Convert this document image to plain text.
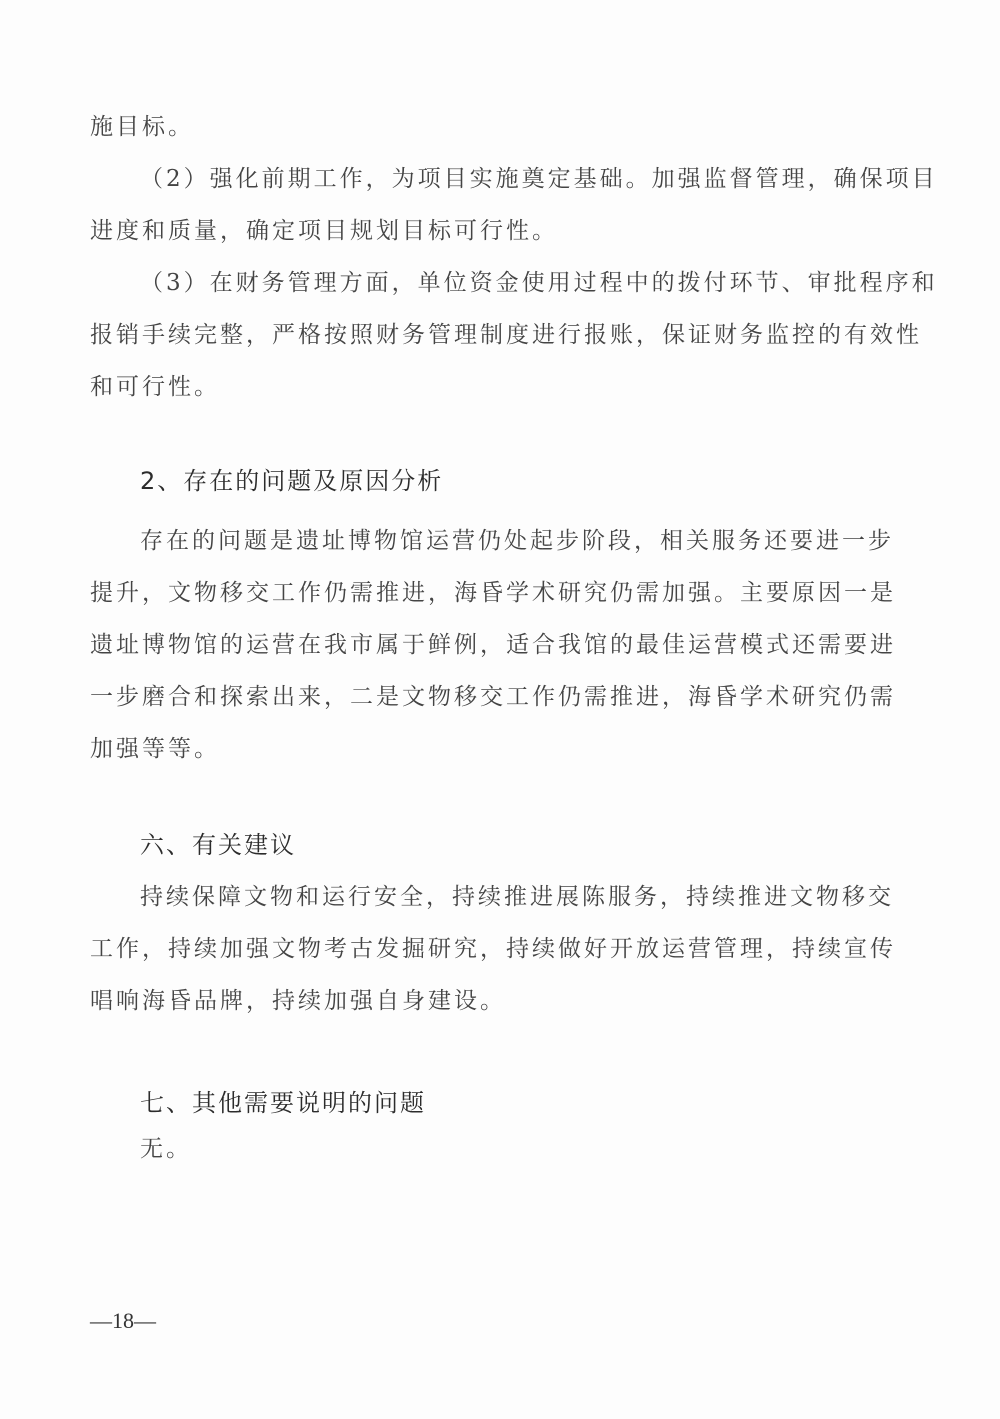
施目标。
（2）强化前期工作，为项目实施奠定基础。加强监督管理，确保项目
进度和质量，确定项目规划目标可行性。
（3）在财务管理方面，单位资金使用过程中的拨付环节、审批程序和
报销手续完整，严格按照财务管理制度进行报账，保证财务监控的有效性
和可行性。
2、存在的问题及原因分析
存在的问题是遗址博物馆运营仍处起步阶段，相关服务还要进一步
提升，文物移交工作仍需推进，海昏学术研究仍需加强。主要原因一是
遗址博物馆的运营在我市属于鲜例，适合我馆的最佳运营模式还需要进
一步磨合和探索出来，二是文物移交工作仍需推进，海昏学术研究仍需
加强等等。
六、有关建议
持续保障文物和运行安全，持续推进展陈服务，持续推进文物移交
工作，持续加强文物考古发掘研究，持续做好开放运营管理，持续宣传
唱响海昏品牌，持续加强自身建设。
七、其他需要说明的问题
无。
—18—
